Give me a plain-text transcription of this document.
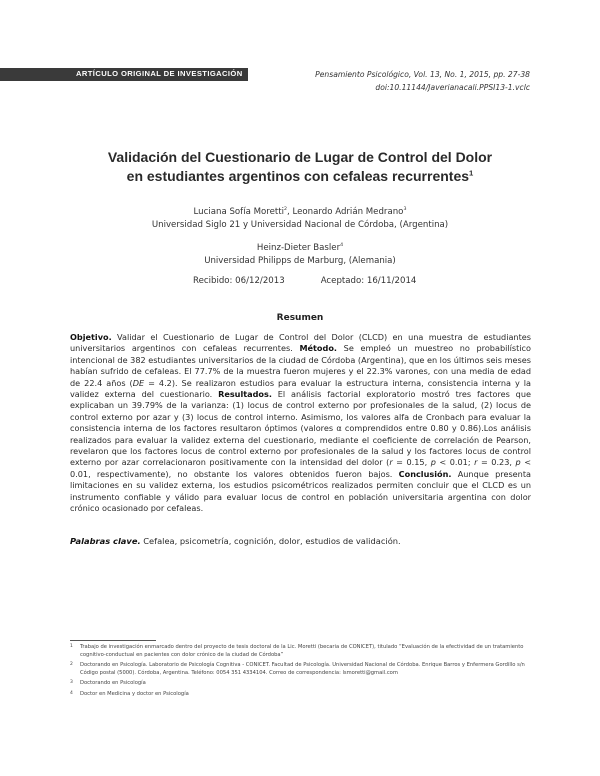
ARTÍCULO ORIGINAL DE INVESTIGACIÓN	Pensamiento Psicológico, Vol. 13, No. 1, 2015, pp. 27-38
doi:10.11144/Javerianacali.PPSI13-1.vclc
Validación del Cuestionario de Lugar de Control del Dolor
en estudiantes argentinos con cefaleas recurrentes$^1$
Luciana Sofía Moretti$^2$, Leonardo Adrián Medrano$^3$
Universidad Siglo 21 y Universidad Nacional de Córdoba, (Argentina)
Heinz-Dieter Basler$^4$
Universidad Philipps de Marburg, (Alemania)
Recibido: 06/12/2013	Aceptado: 16/11/2014
Resumen
Objetivo. Validar el Cuestionario de Lugar de Control del Dolor (CLCD) en una muestra de estudiantes universitarios argentinos con cefaleas recurrentes. Método. Se empleó un muestreo no probabilístico intencional de 382 estudiantes universitarios de la ciudad de Córdoba (Argentina), que en los últimos seis meses habían sufrido de cefaleas. El 77.7% de la muestra fueron mujeres y el 22.3% varones, con una media de edad de 22.4 años (DE = 4.2). Se realizaron estudios para evaluar la estructura interna, consistencia interna y la validez externa del cuestionario. Resultados. El análisis factorial exploratorio mostró tres factores que explicaban un 39.79% de la varianza: (1) locus de control externo por profesionales de la salud, (2) locus de control externo por azar y (3) locus de control interno. Asimismo, los valores alfa de Cronbach para evaluar la consistencia interna de los factores resultaron óptimos (valores α comprendidos entre 0.80 y 0.86).Los análisis realizados para evaluar la validez externa del cuestionario, mediante el coeficiente de correlación de Pearson, revelaron que los factores locus de control externo por profesionales de la salud y los factores locus de control externo por azar correlacionaron positivamente con la intensidad del dolor (r = 0.15, p < 0.01; r = 0.23, p < 0.01, respectivamente), no obstante los valores obtenidos fueron bajos. Conclusión. Aunque presenta limitaciones en su validez externa, los estudios psicométricos realizados permiten concluir que el CLCD es un instrumento confiable y válido para evaluar locus de control en población universitaria argentina con dolor crónico ocasionado por cefaleas.
Palabras clave. Cefalea, psicometría, cognición, dolor, estudios de validación.
1 Trabajo de investigación enmarcado dentro del proyecto de tesis doctoral de la Lic. Moretti (becaria de CONICET), titulado “Evaluación de la efectividad de un tratamiento cognitivo-conductual en pacientes con dolor crónico de la ciudad de Córdoba”
2 Doctorando en Psicología. Laboratorio de Psicología Cognitiva - CONICET. Facultad de Psicología. Universidad Nacional de Córdoba. Enrique Barros y Enfermera Gordillo s/n Código postal (5000). Córdoba, Argentina. Teléfono: 0054 351 4334104. Correo de correspondencia: lsmoretti@gmail.com
3 Doctorando en Psicología
4 Doctor en Medicina y doctor en Psicología
